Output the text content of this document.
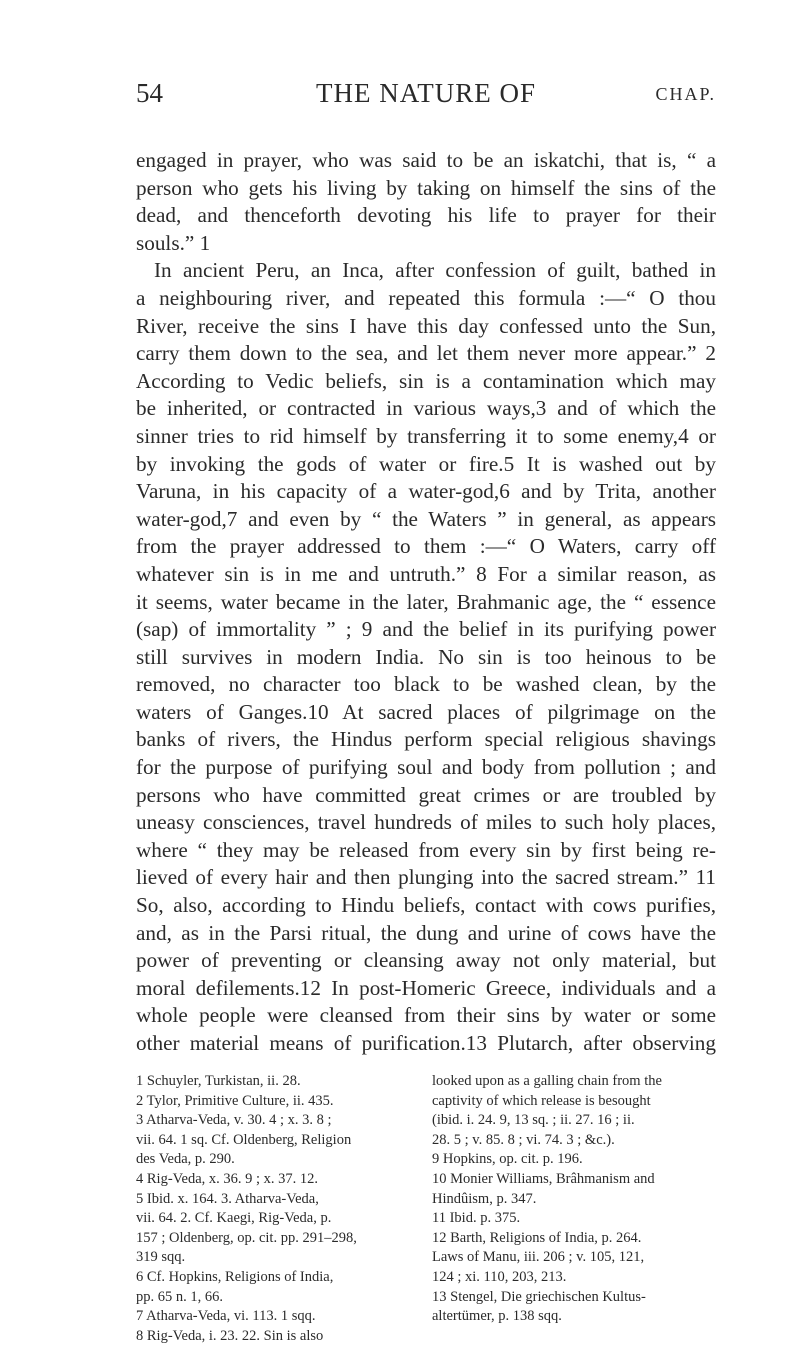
54	THE NATURE OF	CHAP.
engaged in prayer, who was said to be an iskatchi, that is, “ a
person who gets his living by taking on himself the sins of the
dead, and thenceforth devoting his life to prayer for their
souls.” 1
In ancient Peru, an Inca, after confession of guilt, bathed in
a neighbouring river, and repeated this formula :—“ O thou
River, receive the sins I have this day confessed unto the Sun,
carry them down to the sea, and let them never more appear.” 2
According to Vedic beliefs, sin is a contamination which may
be inherited, or contracted in various ways,3 and of which the
sinner tries to rid himself by transferring it to some enemy,4 or
by invoking the gods of water or fire.5 It is washed out by
Varuna, in his capacity of a water-god,6 and by Trita, another
water-god,7 and even by “ the Waters ” in general, as appears
from the prayer addressed to them :—“ O Waters, carry off
whatever sin is in me and untruth.” 8 For a similar reason, as
it seems, water became in the later, Brahmanic age, the “ essence
(sap) of immortality ” ; 9 and the belief in its purifying power
still survives in modern India. No sin is too heinous to be
removed, no character too black to be washed clean, by the
waters of Ganges.10 At sacred places of pilgrimage on the
banks of rivers, the Hindus perform special religious shavings
for the purpose of purifying soul and body from pollution ; and
persons who have committed great crimes or are troubled by
uneasy consciences, travel hundreds of miles to such holy places,
where “ they may be released from every sin by first being re-
lieved of every hair and then plunging into the sacred stream.” 11
So, also, according to Hindu beliefs, contact with cows purifies,
and, as in the Parsi ritual, the dung and urine of cows have the
power of preventing or cleansing away not only material, but
moral defilements.12 In post-Homeric Greece, individuals and a
whole people were cleansed from their sins by water or some
other material means of purification.13 Plutarch, after observing
1 Schuyler, Turkistan, ii. 28.
2 Tylor, Primitive Culture, ii. 435.
3 Atharva-Veda, v. 30. 4 ; x. 3. 8 ;
vii. 64. 1 sq. Cf. Oldenberg, Religion
des Veda, p. 290.
4 Rig-Veda, x. 36. 9 ; x. 37. 12.
5 Ibid. x. 164. 3. Atharva-Veda,
vii. 64. 2. Cf. Kaegi, Rig-Veda, p.
157 ; Oldenberg, op. cit. pp. 291–298,
319 sqq.
6 Cf. Hopkins, Religions of India,
pp. 65 n. 1, 66.
7 Atharva-Veda, vi. 113. 1 sqq.
8 Rig-Veda, i. 23. 22. Sin is also
looked upon as a galling chain from the
captivity of which release is besought
(ibid. i. 24. 9, 13 sq. ; ii. 27. 16 ; ii.
28. 5 ; v. 85. 8 ; vi. 74. 3 ; &c.).
9 Hopkins, op. cit. p. 196.
10 Monier Williams, Brâhmanism and
Hindûism, p. 347.
11 Ibid. p. 375.
12 Barth, Religions of India, p. 264.
Laws of Manu, iii. 206 ; v. 105, 121,
124 ; xi. 110, 203, 213.
13 Stengel, Die griechischen Kultus-
altertümer, p. 138 sqq.
